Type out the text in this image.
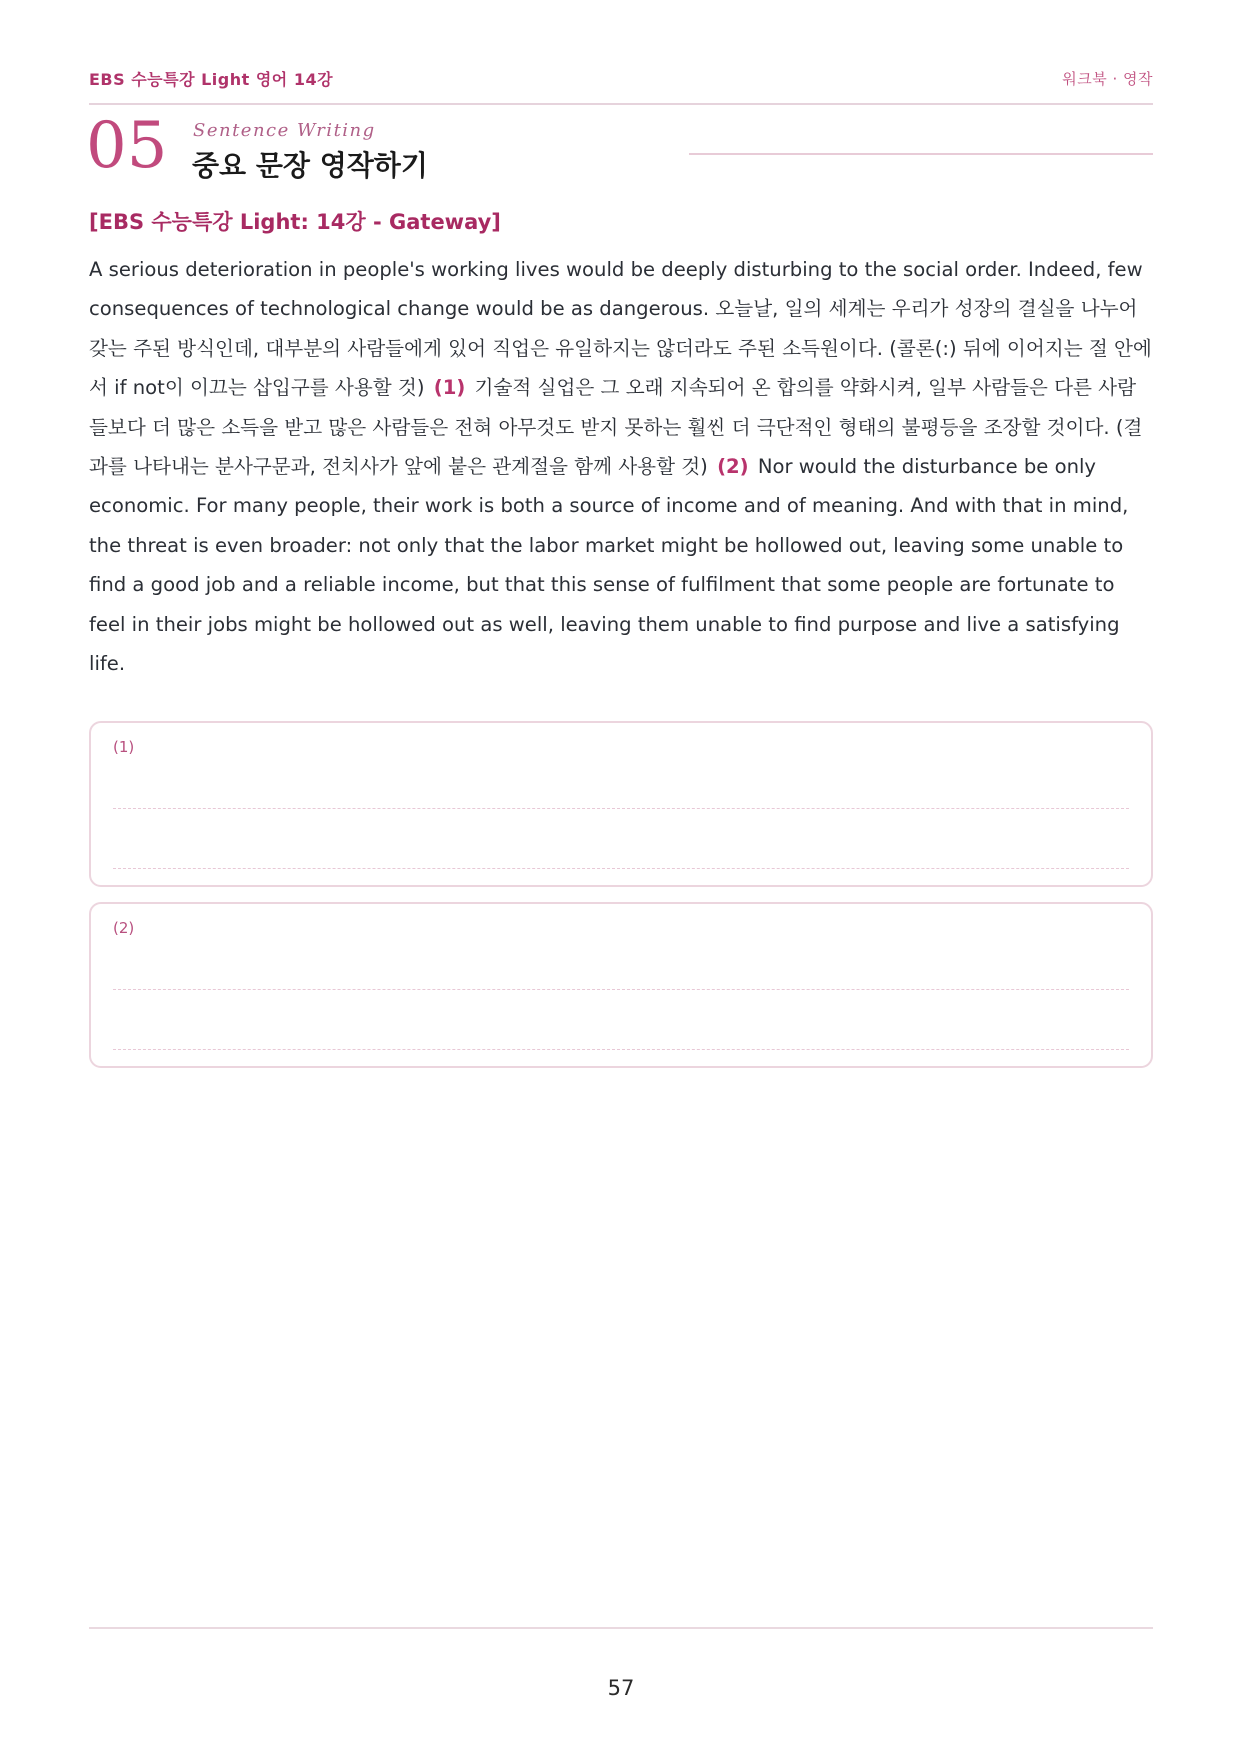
EBS 수능특강 Light 영어 14강	워크북 · 영작
05 Sentence Writing
중요 문장 영작하기
[EBS 수능특강 Light: 14강 - Gateway]

A serious deterioration in people's working lives would be deeply disturbing to the social order. Indeed, few consequences of technological change would be as dangerous. 오늘날, 일의 세계는 우리가 성장의 결실을 나누어 갖는 주된 방식인데, 대부분의 사람들에게 있어 직업은 유일하지는 않더라도 주된 소득원이다. (콜론(:) 뒤에 이어지는 절 안에서 if not이 이끄는 삽입구를 사용할 것) (1) 기술적 실업은 그 오래 지속되어 온 합의를 약화시켜, 일부 사람들은 다른 사람들보다 더 많은 소득을 받고 많은 사람들은 전혀 아무것도 받지 못하는 훨씬 더 극단적인 형태의 불평등을 조장할 것이다. (결과를 나타내는 분사구문과, 전치사가 앞에 붙은 관계절을 함께 사용할 것) (2) Nor would the disturbance be only economic. For many people, their work is both a source of income and of meaning. And with that in mind, the threat is even broader: not only that the labor market might be hollowed out, leaving some unable to find a good job and a reliable income, but that this sense of fulfilment that some people are fortunate to feel in their jobs might be hollowed out as well, leaving them unable to find purpose and live a satisfying life.

(1)
(2)
57
